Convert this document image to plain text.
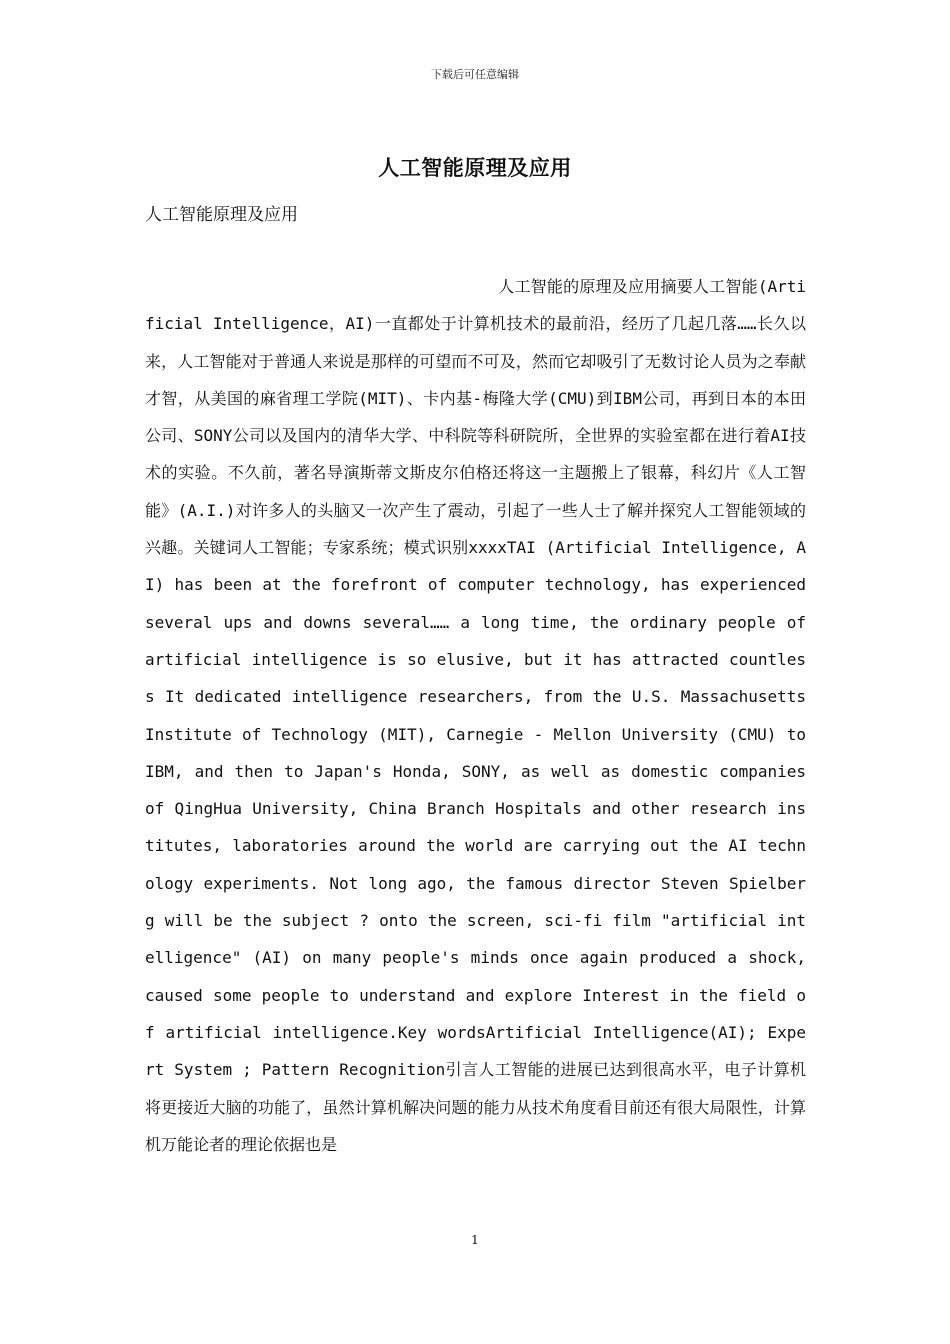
下载后可任意编辑
人工智能原理及应用
人工智能原理及应用
人工智能的原理及应用摘要人工智能(Artificial Intelligence，AI)一直都处于计算机技术的最前沿，经历了几起几落……长久以来，人工智能对于普通人来说是那样的可望而不可及，然而它却吸引了无数讨论人员为之奉献才智，从美国的麻省理工学院(MIT)、卡内基-梅隆大学(CMU)到IBM公司，再到日本的本田公司、SONY公司以及国内的清华大学、中科院等科研院所，全世界的实验室都在进行着AI技术的实验。不久前，著名导演斯蒂文斯皮尔伯格还将这一主题搬上了银幕，科幻片《人工智能》(A.I.)对许多人的头脑又一次产生了震动，引起了一些人士了解并探究人工智能领域的兴趣。关键词人工智能；专家系统；模式识别xxxxTAI (Artificial Intelligence, AI) has been at the forefront of computer technology, has experienced several ups and downs several…… a long time, the ordinary people of artificial intelligence is so elusive, but it has attracted countless It dedicated intelligence researchers, from the U.S. Massachusetts Institute of Technology (MIT), Carnegie - Mellon University (CMU) to IBM, and then to Japan's Honda, SONY, as well as domestic companies of QingHua University, China Branch Hospitals and other research institutes, laboratories around the world are carrying out the AI technology experiments. Not long ago, the famous director Steven Spielberg will be the subject ? onto the screen, sci-fi film "artificial intelligence" (AI) on many people's minds once again produced a shock, caused some people to understand and explore Interest in the field of artificial intelligence.Key wordsArtificial Intelligence(AI); Expert System ; Pattern Recognition引言人工智能的进展已达到很高水平，电子计算机将更接近大脑的功能了，虽然计算机解决问题的能力从技术角度看目前还有很大局限性，计算机万能论者的理论依据也是
1
